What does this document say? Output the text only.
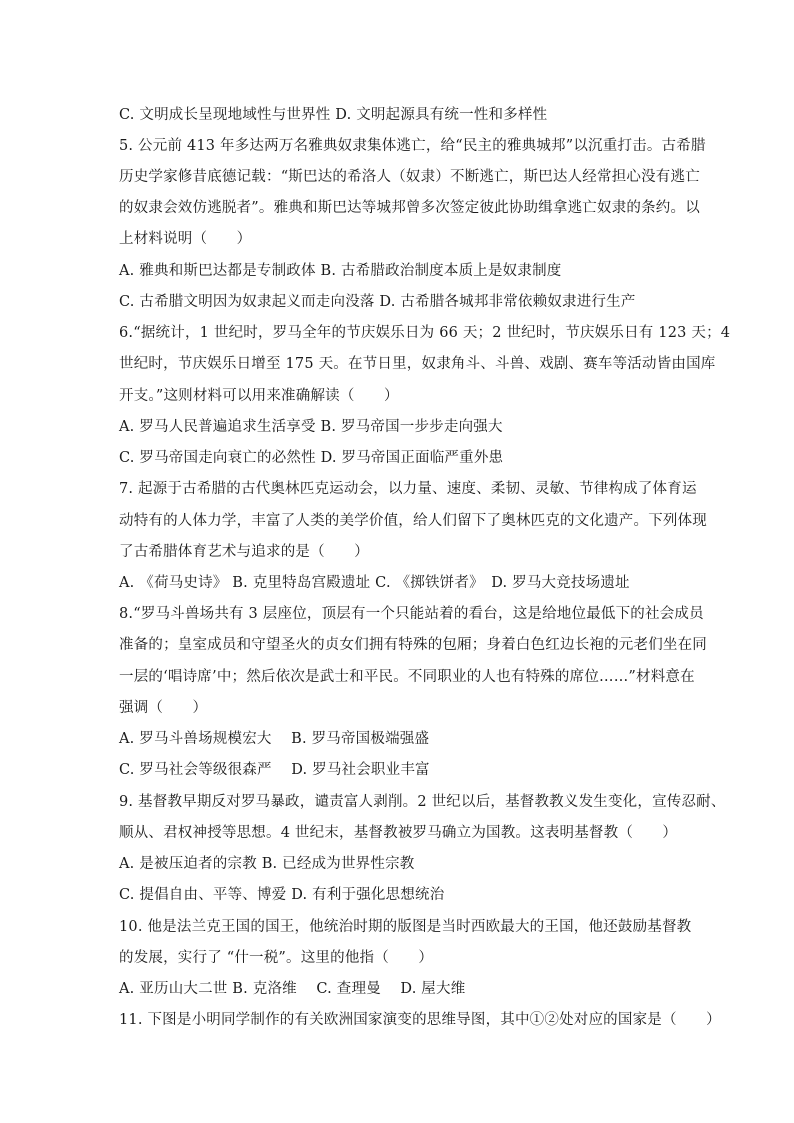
C. 文明成长呈现地域性与世界性 D. 文明起源具有统一性和多样性
5. 公元前 413 年多达两万名雅典奴隶集体逃亡，给“民主的雅典城邦”以沉重打击。古希腊
历史学家修昔底德记载：“斯巴达的希洛人（奴隶）不断逃亡，斯巴达人经常担心没有逃亡
的奴隶会效仿逃脱者”。雅典和斯巴达等城邦曾多次签定彼此协助缉拿逃亡奴隶的条约。以
上材料说明（　　）
A. 雅典和斯巴达都是专制政体 B. 古希腊政治制度本质上是奴隶制度
C. 古希腊文明因为奴隶起义而走向没落 D. 古希腊各城邦非常依赖奴隶进行生产
6.“据统计，1 世纪时，罗马全年的节庆娱乐日为 66 天；2 世纪时，节庆娱乐日有 123 天；4
世纪时，节庆娱乐日增至 175 天。在节日里，奴隶角斗、斗兽、戏剧、赛车等活动皆由国库
开支。”这则材料可以用来准确解读（　　）
A. 罗马人民普遍追求生活享受 B. 罗马帝国一步步走向强大
C. 罗马帝国走向衰亡的必然性 D. 罗马帝国正面临严重外患
7. 起源于古希腊的古代奥林匹克运动会，以力量、速度、柔韧、灵敏、节律构成了体育运
动特有的人体力学，丰富了人类的美学价值，给人们留下了奥林匹克的文化遗产。下列体现
了古希腊体育艺术与追求的是（　　）
A. 《荷马史诗》 B. 克里特岛宫殿遗址 C. 《掷铁饼者》　D. 罗马大竞技场遗址
8.“罗马斗兽场共有 3 层座位，顶层有一个只能站着的看台，这是给地位最低下的社会成员
准备的；皇室成员和守望圣火的贞女们拥有特殊的包厢；身着白色红边长袍的元老们坐在同
一层的‘唱诗席’中；然后依次是武士和平民。不同职业的人也有特殊的席位……”材料意在
强调（　　）
A. 罗马斗兽场规模宏大　 B. 罗马帝国极端强盛
C. 罗马社会等级很森严　 D. 罗马社会职业丰富
9. 基督教早期反对罗马暴政，谴责富人剥削。2 世纪以后，基督教教义发生变化，宣传忍耐、
顺从、君权神授等思想。4 世纪末，基督教被罗马确立为国教。这表明基督教（　　）
A. 是被压迫者的宗教 B. 已经成为世界性宗教
C. 提倡自由、平等、博爱 D. 有利于强化思想统治
10. 他是法兰克王国的国王，他统治时期的版图是当时西欧最大的王国，他还鼓励基督教
的发展，实行了 “什一税”。这里的他指（　　）
A. 亚历山大二世 B. 克洛维　 C. 查理曼　 D. 屋大维
11. 下图是小明同学制作的有关欧洲国家演变的思维导图，其中①②处对应的国家是（　　）
